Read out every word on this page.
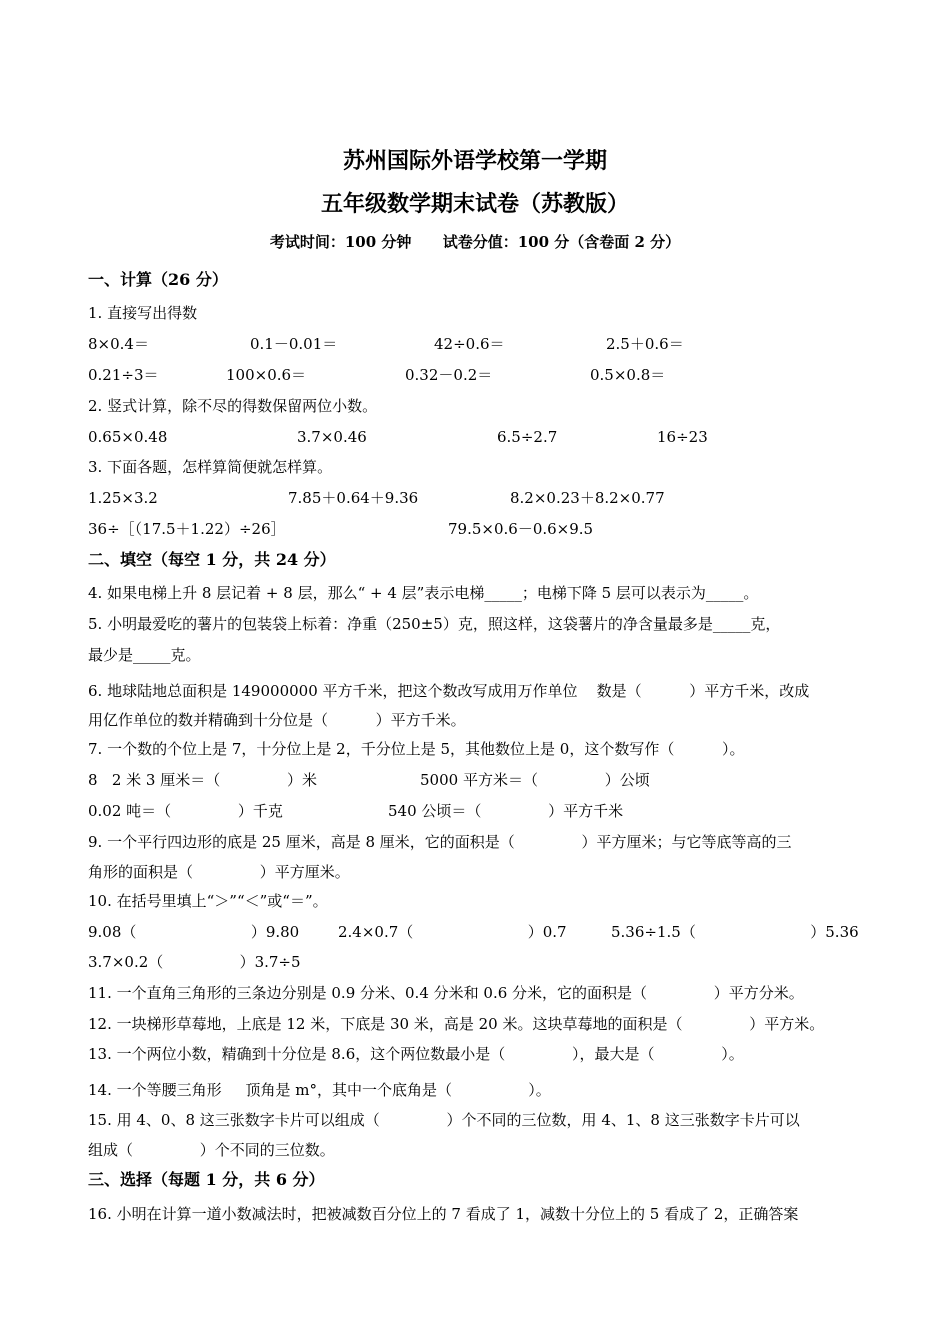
苏州国际外语学校第一学期
五年级数学期末试卷（苏教版）
考试时间：100 分钟      试卷分值：100 分（含卷面 2 分）
一、计算（26 分）
1. 直接写出得数
8×0.4＝	0.1－0.01＝	42÷0.6＝	2.5＋0.6＝
0.21÷3＝	100×0.6＝	0.32－0.2＝	0.5×0.8＝
2. 竖式计算，除不尽的得数保留两位小数。
0.65×0.48	3.7×0.46	6.5÷2.7	16÷23
3. 下面各题，怎样算简便就怎样算。
1.25×3.2	7.85＋0.64＋9.36	8.2×0.23＋8.2×0.77
36÷［（17.5＋1.22）÷26］	79.5×0.6－0.6×9.5
二、填空（每空 1 分，共 24 分）
4. 如果电梯上升 8 层记着 + 8 层，那么“ + 4 层”表示电梯_____；电梯下降 5 层可以表示为_____。
5. 小明最爱吃的薯片的包装袋上标着：净重（250±5）克，照这样，这袋薯片的净含量最多是_____克，
最少是_____克。
6. 地球陆地总面积是 149000000 平方千米，把这个数改写成用万作单位    数是（          ）平方千米，改成
用亿作单位的数并精确到十分位是（          ）平方千米。
7. 一个数的个位上是 7，十分位上是 2，千分位上是 5，其他数位上是 0，这个数写作（          ）。
8   2 米 3 厘米＝（              ）米	5000 平方米＝（              ）公顷
0.02 吨＝（              ）千克	540 公顷＝（              ）平方千米
9. 一个平行四边形的底是 25 厘米，高是 8 厘米，它的面积是（              ）平方厘米；与它等底等高的三
角形的面积是（              ）平方厘米。
10. 在括号里填上“＞”“＜”或“＝”。
9.08（                        ）9.80	2.4×0.7（                        ）0.7	5.36÷1.5（                        ）5.36
3.7×0.2（                ）3.7÷5
11. 一个直角三角形的三条边分别是 0.9 分米、0.4 分米和 0.6 分米，它的面积是（              ）平方分米。
12. 一块梯形草莓地，上底是 12 米，下底是 30 米，高是 20 米。这块草莓地的面积是（              ）平方米。
13. 一个两位小数，精确到十分位是 8.6，这个两位数最小是（              ），最大是（              ）。
14. 一个等腰三角形     顶角是 m°，其中一个底角是（                ）。
15. 用 4、0、8 这三张数字卡片可以组成（              ）个不同的三位数，用 4、1、8 这三张数字卡片可以
组成（              ）个不同的三位数。
三、选择（每题 1 分，共 6 分）
16. 小明在计算一道小数减法时，把被减数百分位上的 7 看成了 1，减数十分位上的 5 看成了 2，正确答案
